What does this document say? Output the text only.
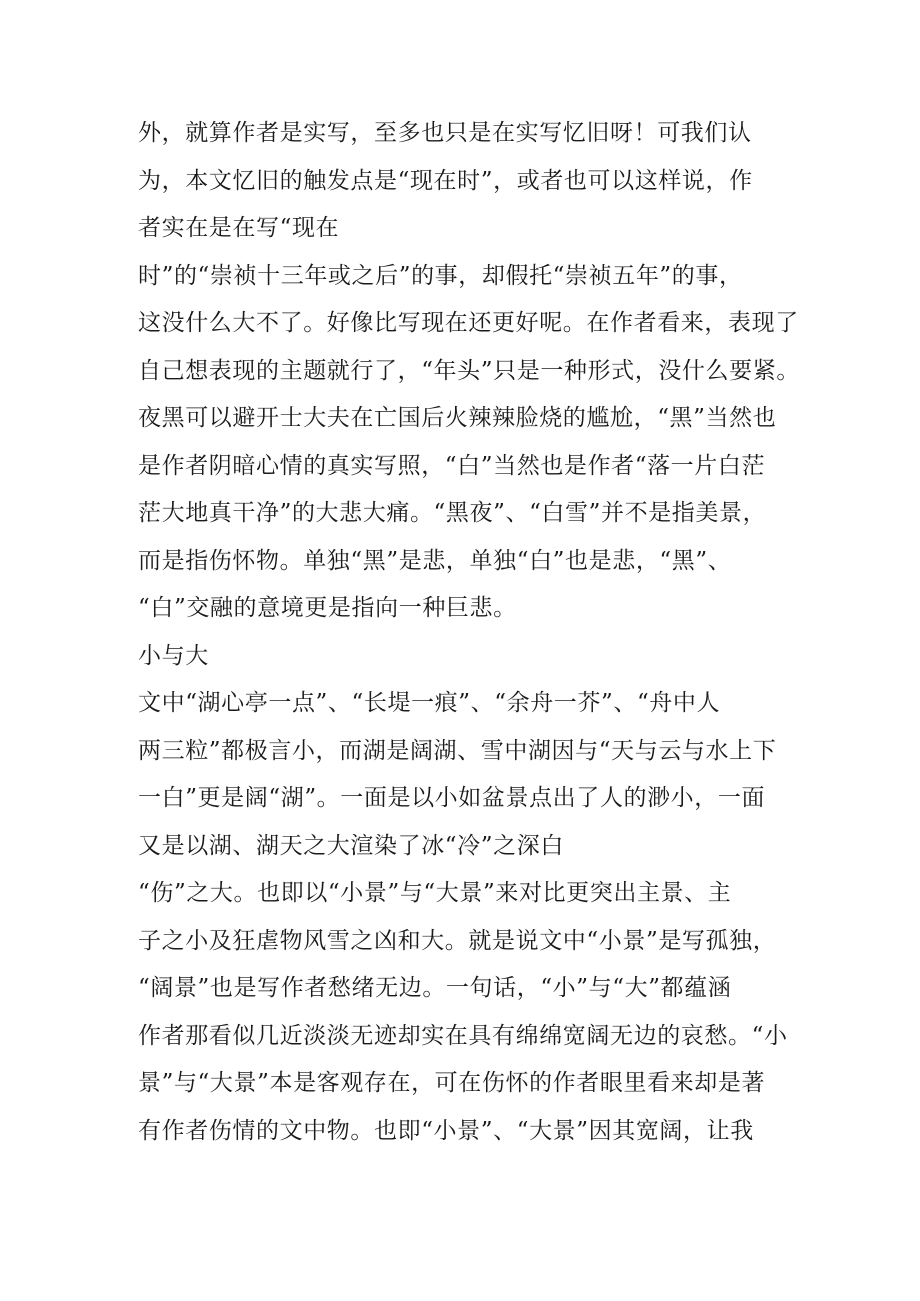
外，就算作者是实写，至多也只是在实写忆旧呀！可我们认
为，本文忆旧的触发点是“现在时”，或者也可以这样说，作
者实在是在写“现在
时”的“崇祯十三年或之后”的事，却假托“崇祯五年”的事，
这没什么大不了。好像比写现在还更好呢。在作者看来，表现了
自己想表现的主题就行了，“年头”只是一种形式，没什么要紧。
夜黑可以避开士大夫在亡国后火辣辣脸烧的尴尬，“黑”当然也
是作者阴暗心情的真实写照，“白”当然也是作者“落一片白茫
茫大地真干净”的大悲大痛。“黑夜”、“白雪”并不是指美景，
而是指伤怀物。单独“黑”是悲，单独“白”也是悲，“黑”、
“白”交融的意境更是指向一种巨悲。
小与大
文中“湖心亭一点”、“长堤一痕”、“余舟一芥”、“舟中人
两三粒”都极言小，而湖是阔湖、雪中湖因与“天与云与水上下
一白”更是阔“湖”。一面是以小如盆景点出了人的渺小，一面
又是以湖、湖天之大渲染了冰“冷”之深白
“伤”之大。也即以“小景”与“大景”来对比更突出主景、主
子之小及狂虐物风雪之凶和大。就是说文中“小景”是写孤独，
“阔景”也是写作者愁绪无边。一句话，“小”与“大”都蕴涵
作者那看似几近淡淡无迹却实在具有绵绵宽阔无边的哀愁。“小
景”与“大景”本是客观存在，可在伤怀的作者眼里看来却是著
有作者伤情的文中物。也即“小景”、“大景”因其宽阔，让我
